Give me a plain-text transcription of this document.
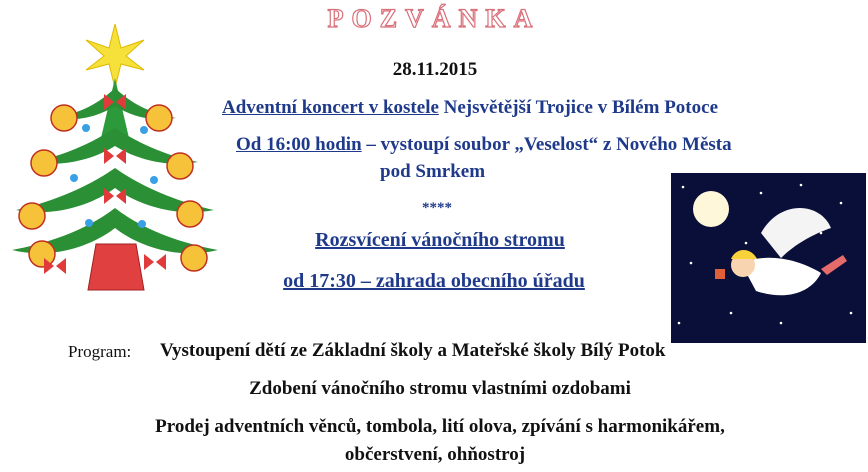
POZVÁNKA
28.11.2015
Adventní koncert v kostele Nejsvětější Trojice v Bílém Potoce
Od 16:00 hodin – vystoupí soubor „Veselost“ z Nového Města
pod Smrkem
****
Rozsvícení vánočního stromu
od 17:30 – zahrada obecního úřadu
Program: Vystoupení dětí ze Základní školy a Mateřské školy Bílý Potok
Zdobení vánočního stromu vlastními ozdobami
Prodej adventních věnců, tombola, lití olova, zpívání s harmonikářem,
občerstvení, ohňostroj
